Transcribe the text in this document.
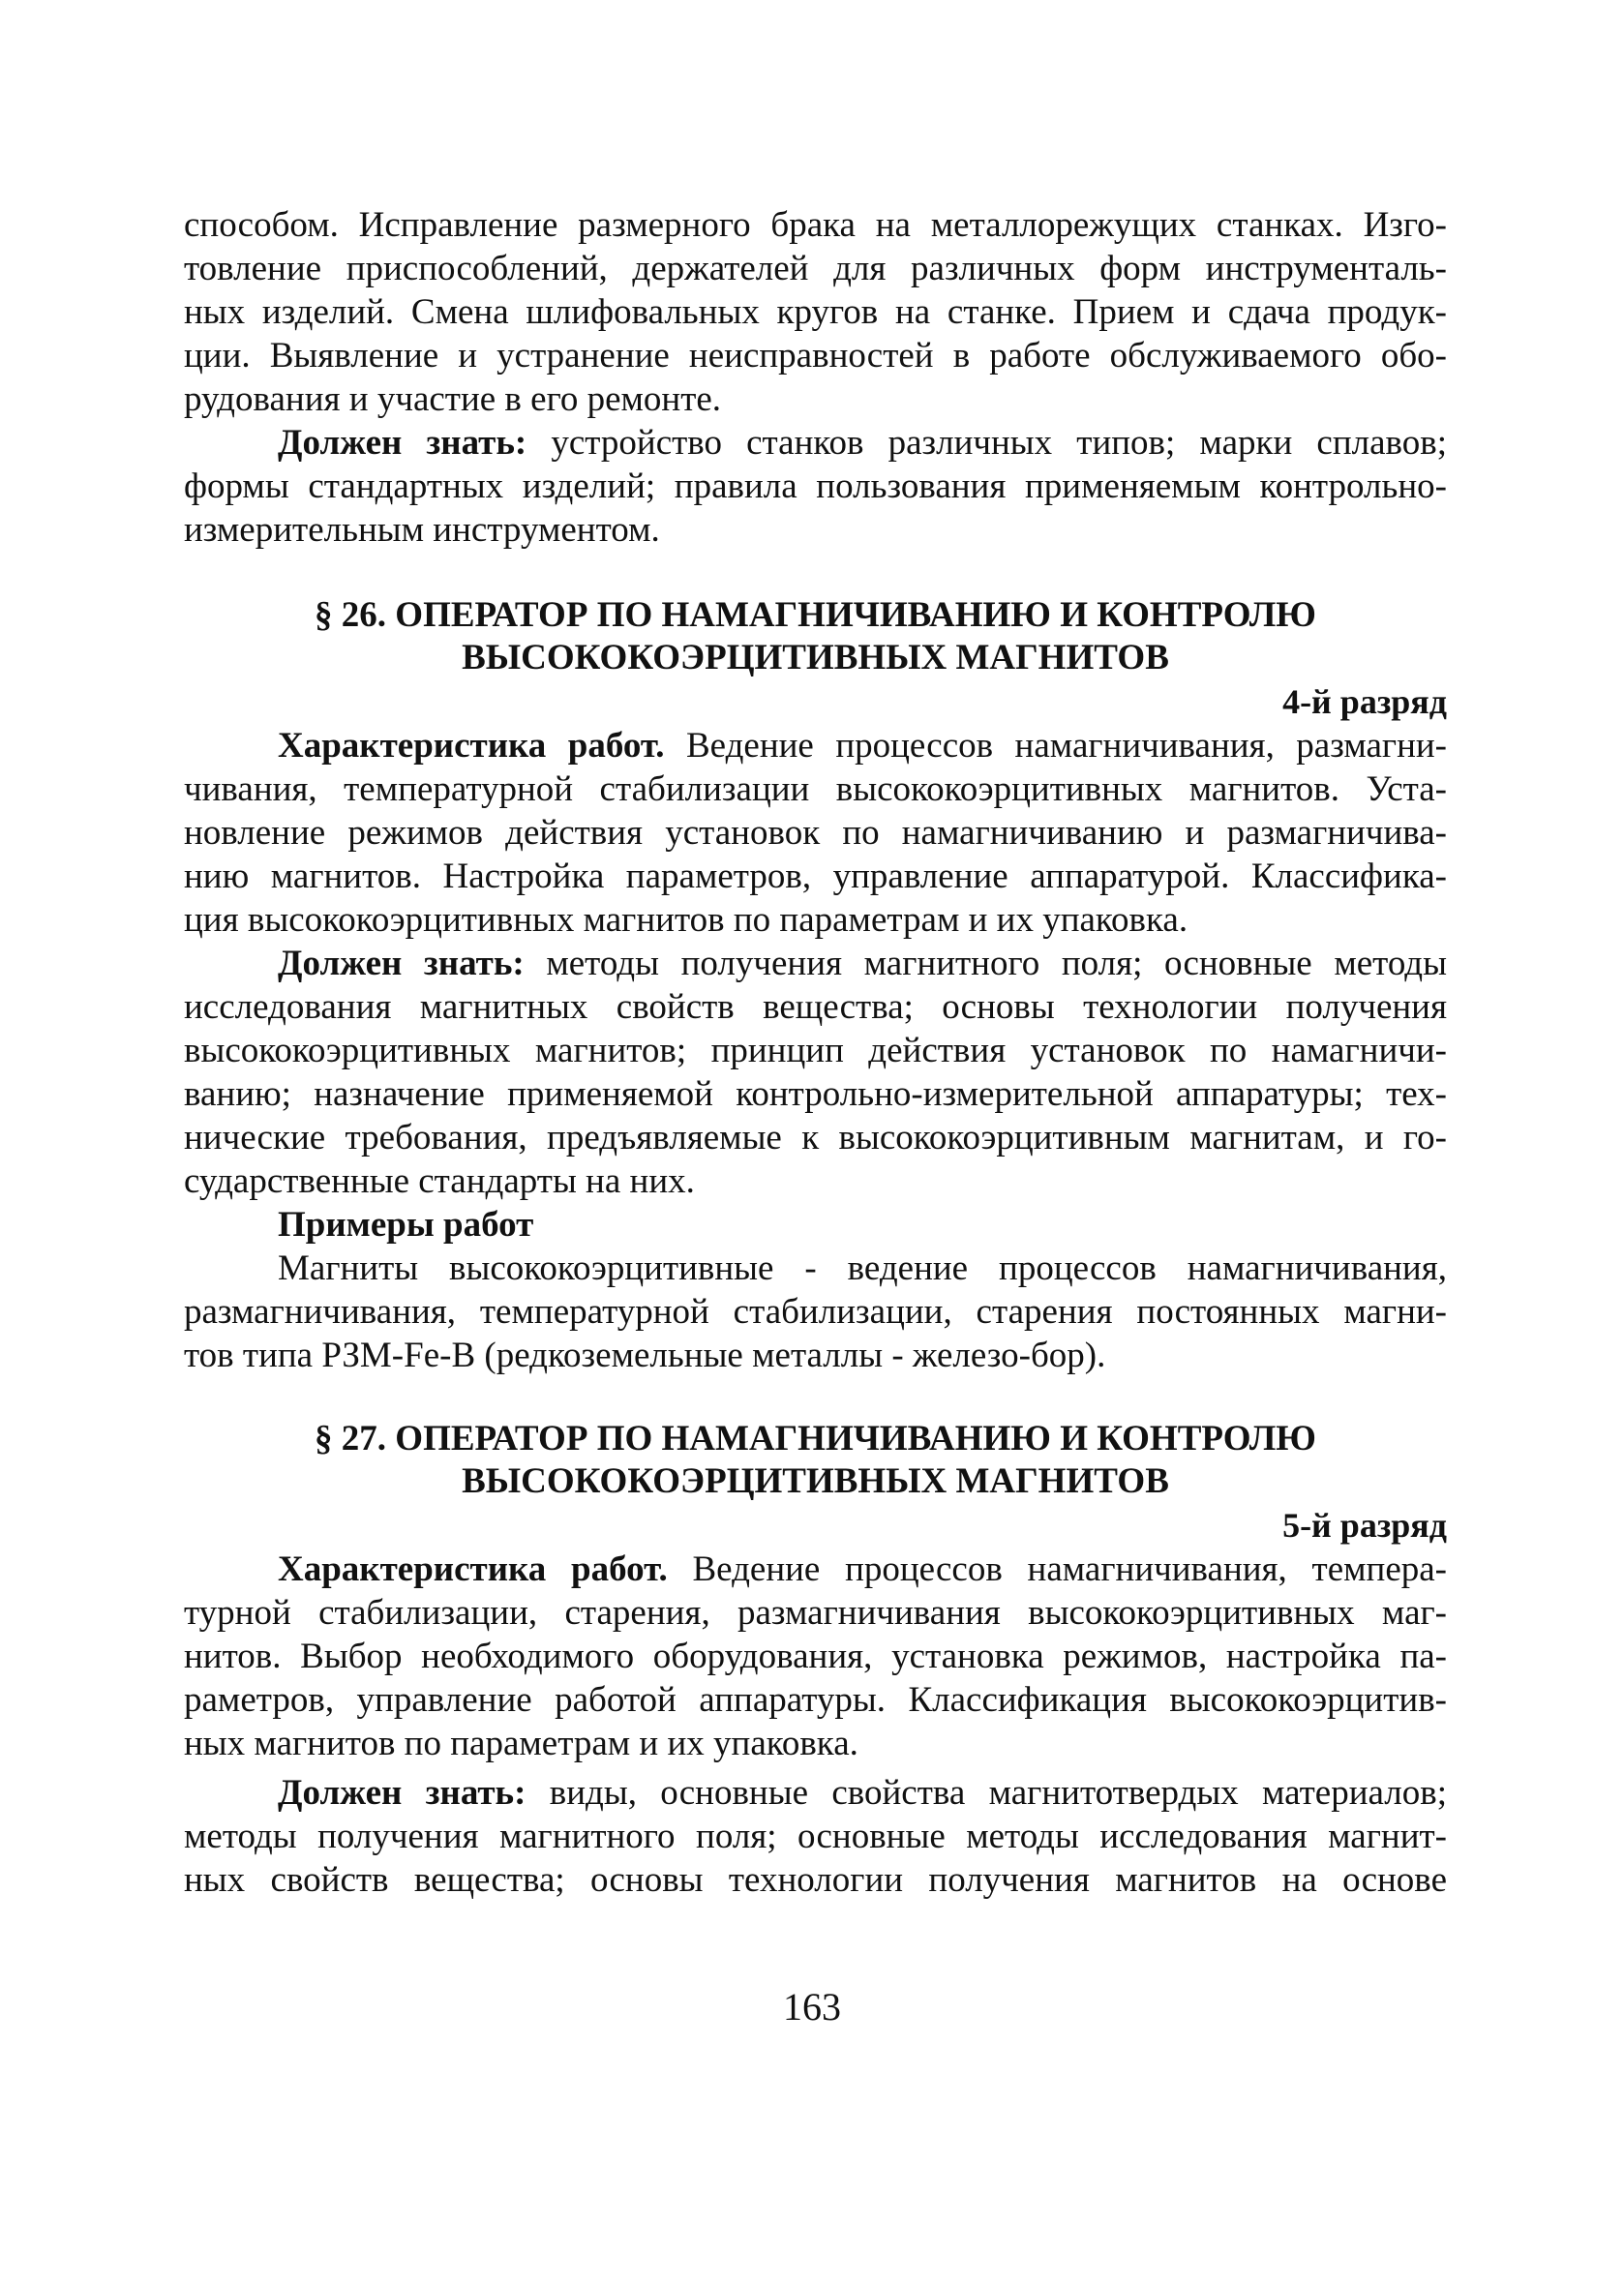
способом. Исправление размерного брака на металлорежущих станках. Изго-
товление приспособлений, держателей для различных форм инструменталь-
ных изделий. Смена шлифовальных кругов на станке. Прием и сдача продук-
ции. Выявление и устранение неисправностей в работе обслуживаемого обо-
рудования и участие в его ремонте.
Должен знать: устройство станков различных типов; марки сплавов;
формы стандартных изделий; правила пользования применяемым контрольно-
измерительным инструментом.
§ 26. ОПЕРАТОР ПО НАМАГНИЧИВАНИЮ И КОНТРОЛЮ
ВЫСОКОКОЭРЦИТИВНЫХ МАГНИТОВ
4-й разряд
Характеристика работ. Ведение процессов намагничивания, размагни-
чивания, температурной стабилизации высококоэрцитивных магнитов. Уста-
новление режимов действия установок по намагничиванию и размагничива-
нию магнитов. Настройка параметров, управление аппаратурой. Классифика-
ция высококоэрцитивных магнитов по параметрам и их упаковка.
Должен знать: методы получения магнитного поля; основные методы
исследования магнитных свойств вещества; основы технологии получения
высококоэрцитивных магнитов; принцип действия установок по намагничи-
ванию; назначение применяемой контрольно-измерительной аппаратуры; тех-
нические требования, предъявляемые к высококоэрцитивным магнитам, и го-
сударственные стандарты на них.
Примеры работ
Магниты высококоэрцитивные - ведение процессов намагничивания,
размагничивания, температурной стабилизации, старения постоянных магни-
тов типа РЗМ-Fe-B (редкоземельные металлы - железо-бор).
§ 27. ОПЕРАТОР ПО НАМАГНИЧИВАНИЮ И КОНТРОЛЮ
ВЫСОКОКОЭРЦИТИВНЫХ МАГНИТОВ
5-й разряд
Характеристика работ. Ведение процессов намагничивания, темпера-
турной стабилизации, старения, размагничивания высококоэрцитивных маг-
нитов. Выбор необходимого оборудования, установка режимов, настройка па-
раметров, управление работой аппаратуры. Классификация высококоэрцитив-
ных магнитов по параметрам и их упаковка.
Должен знать: виды, основные свойства магнитотвердых материалов;
методы получения магнитного поля; основные методы исследования магнит-
ных свойств вещества; основы технологии получения магнитов на основе
163
